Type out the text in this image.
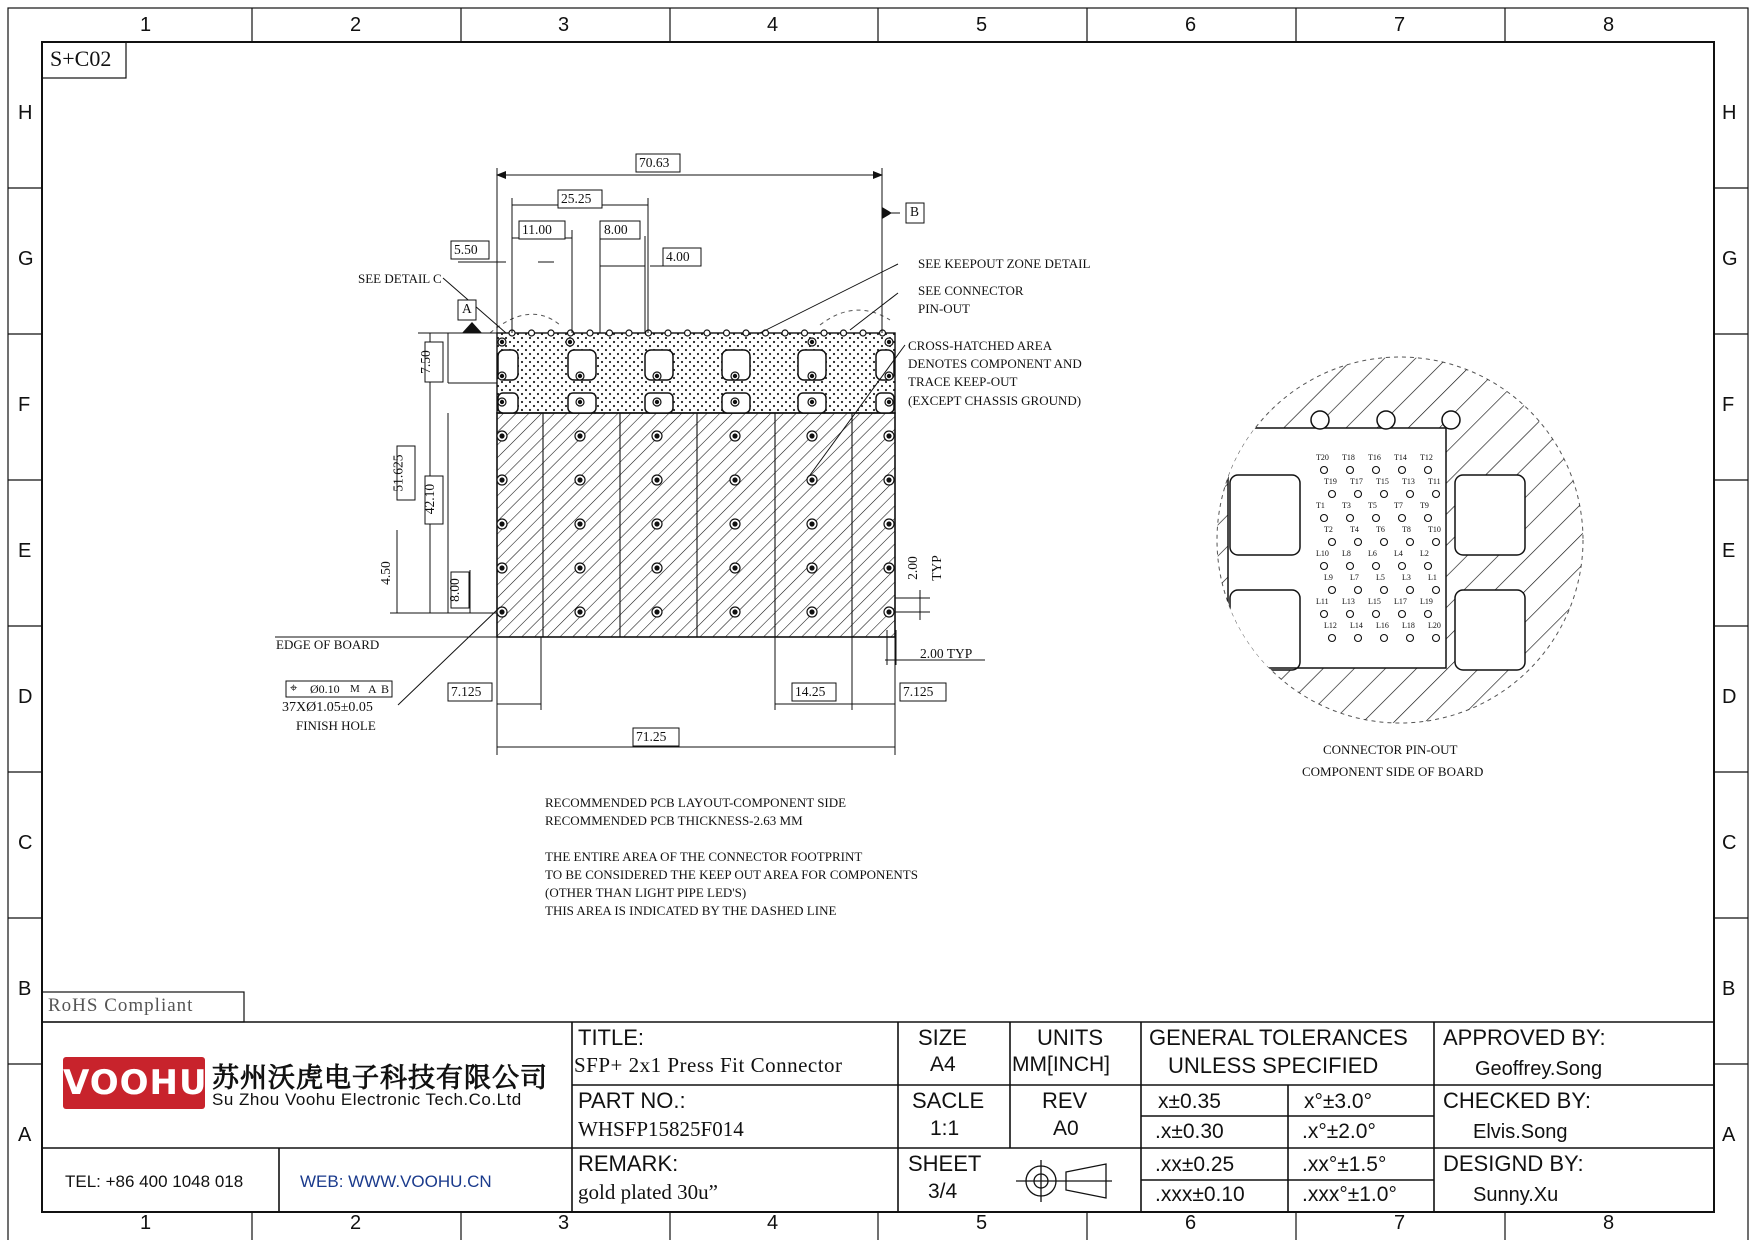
S+C02
RoHS Compliant
1	2	3	4	5	6	7	8
1	2	3	4	5	6	7	8
H
G
F
E
D
C
B
A
H
G
F
E
D
C
B
A
70.63
25.25
11.00	8.00
5.50	4.00
A
B
7.50
51.625
42.10
4.50
8.00
2.00 TYP
2.00 TYP
7.125	14.25	7.125
71.25
SEE DETAIL C
SEE KEEPOUT ZONE DETAIL
SEE CONNECTOR
PIN-OUT
CROSS-HATCHED AREA
DENOTES COMPONENT AND
TRACE KEEP-OUT
(EXCEPT CHASSIS GROUND)
EDGE OF BOARD
⌖ Ø0.10 M A B
37XØ1.05±0.05
FINISH HOLE
RECOMMENDED PCB LAYOUT-COMPONENT SIDE
RECOMMENDED PCB THICKNESS-2.63 MM
THE ENTIRE AREA OF THE CONNECTOR FOOTPRINT
TO BE CONSIDERED THE KEEP OUT AREA FOR COMPONENTS
(OTHER THAN LIGHT PIPE LED'S)
THIS AREA IS INDICATED BY THE DASHED LINE
CONNECTOR PIN-OUT
COMPONENT SIDE OF BOARD
T20 T18 T16 T14 T12
T19 T17 T15 T13 T11
T1 T3 T5 T7 T9
T2 T4 T6 T8 T10
L10 L8 L6 L4 L2
L9 L7 L5 L3 L1
L11 L13 L15 L17 L19
L12 L14 L16 L18 L20
VOOHU 苏州沃虎电子科技有限公司
Su Zhou Voohu Electronic Tech.Co.Ltd
TEL: +86 400 1048 018	WEB: WWW.VOOHU.CN
TITLE:
SFP+ 2x1 Press Fit Connector
PART NO.:
WHSFP15825F014
REMARK:
gold plated 30u”
SIZE
A4
UNITS
MM[INCH]
SACLE
1:1
REV
A0
SHEET
3/4
GENERAL TOLERANCES
UNLESS SPECIFIED
x±0.35	x°±3.0°
.x±0.30	.x°±2.0°
.xx±0.25	.xx°±1.5°
.xxx±0.10	.xxx°±1.0°
APPROVED BY:
Geoffrey.Song
CHECKED BY:
Elvis.Song
DESIGND BY:
Sunny.Xu
